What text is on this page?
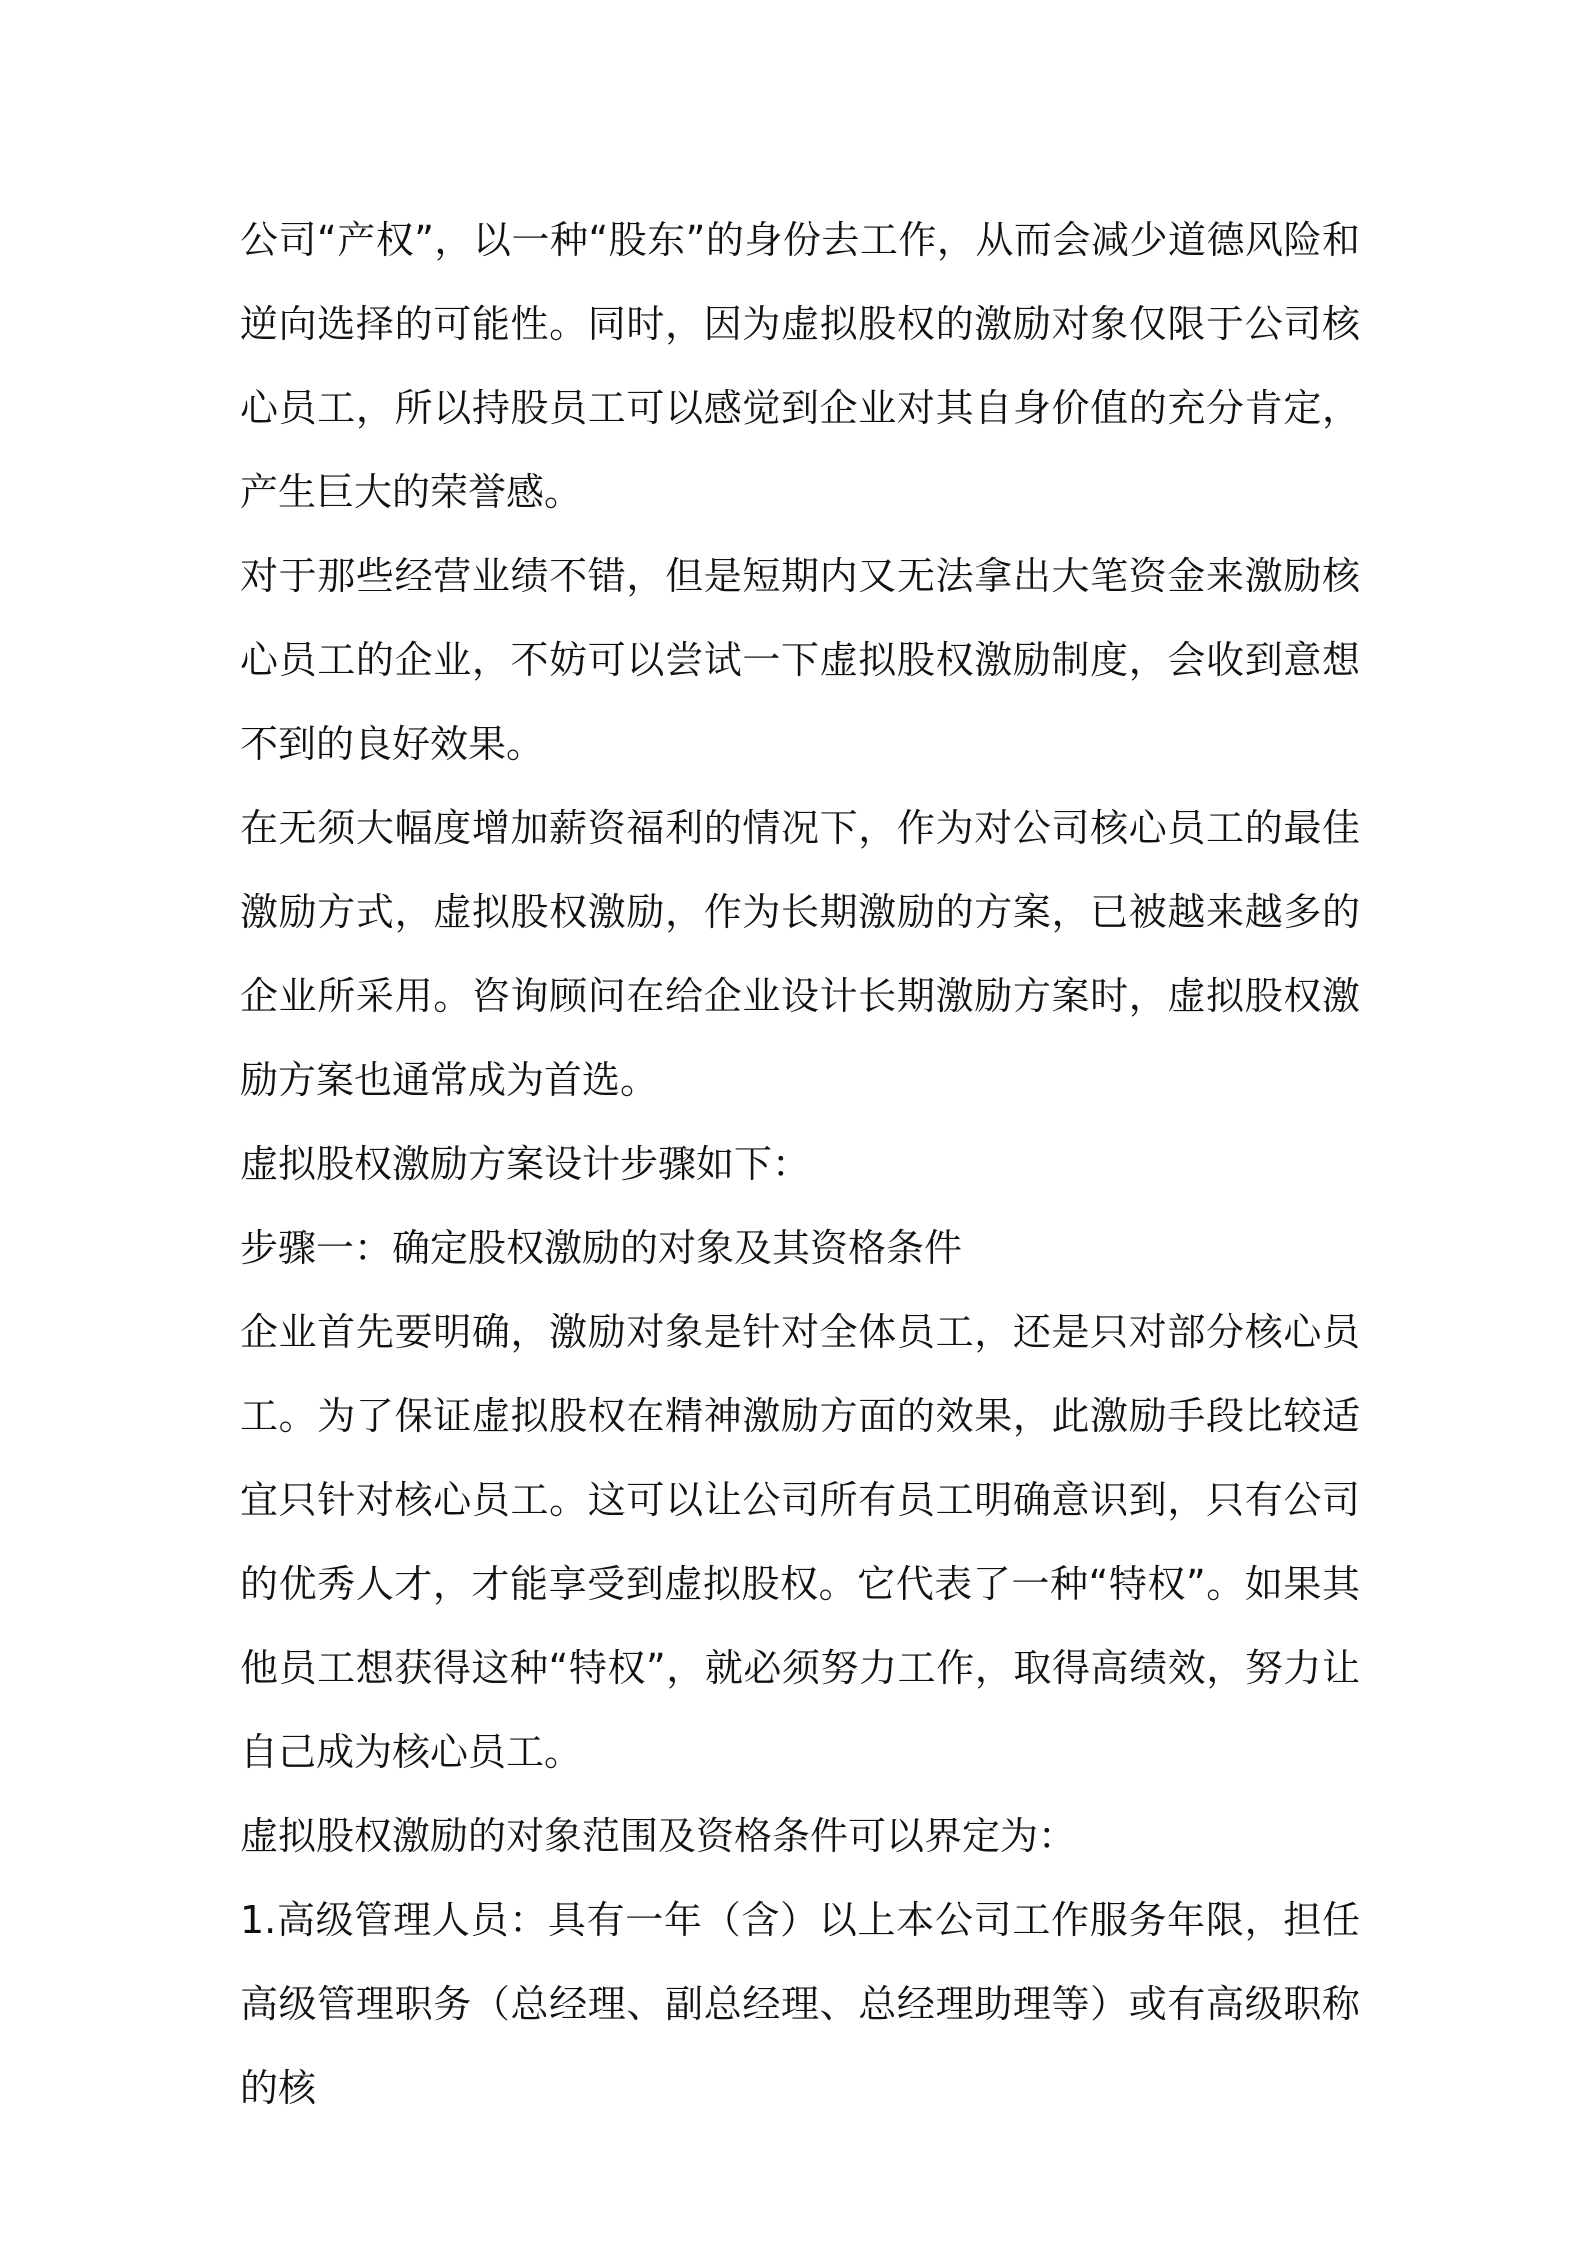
公司“产权”，以一种“股东”的身份去工作，从而会减少道德风险和逆向选择的可能性。同时，因为虚拟股权的激励对象仅限于公司核心员工，所以持股员工可以感觉到企业对其自身价值的充分肯定，产生巨大的荣誉感。

对于那些经营业绩不错，但是短期内又无法拿出大笔资金来激励核心员工的企业，不妨可以尝试一下虚拟股权激励制度，会收到意想不到的良好效果。

在无须大幅度增加薪资福利的情况下，作为对公司核心员工的最佳激励方式，虚拟股权激励，作为长期激励的方案，已被越来越多的企业所采用。咨询顾问在给企业设计长期激励方案时，虚拟股权激励方案也通常成为首选。

虚拟股权激励方案设计步骤如下：

步骤一：确定股权激励的对象及其资格条件

企业首先要明确，激励对象是针对全体员工，还是只对部分核心员工。为了保证虚拟股权在精神激励方面的效果，此激励手段比较适宜只针对核心员工。这可以让公司所有员工明确意识到，只有公司的优秀人才，才能享受到虚拟股权。它代表了一种“特权”。如果其他员工想获得这种“特权”，就必须努力工作，取得高绩效，努力让自己成为核心员工。

虚拟股权激励的对象范围及资格条件可以界定为：

1.高级管理人员：具有一年（含）以上本公司工作服务年限，担任高级管理职务（总经理、副总经理、总经理助理等）或有高级职称的核
